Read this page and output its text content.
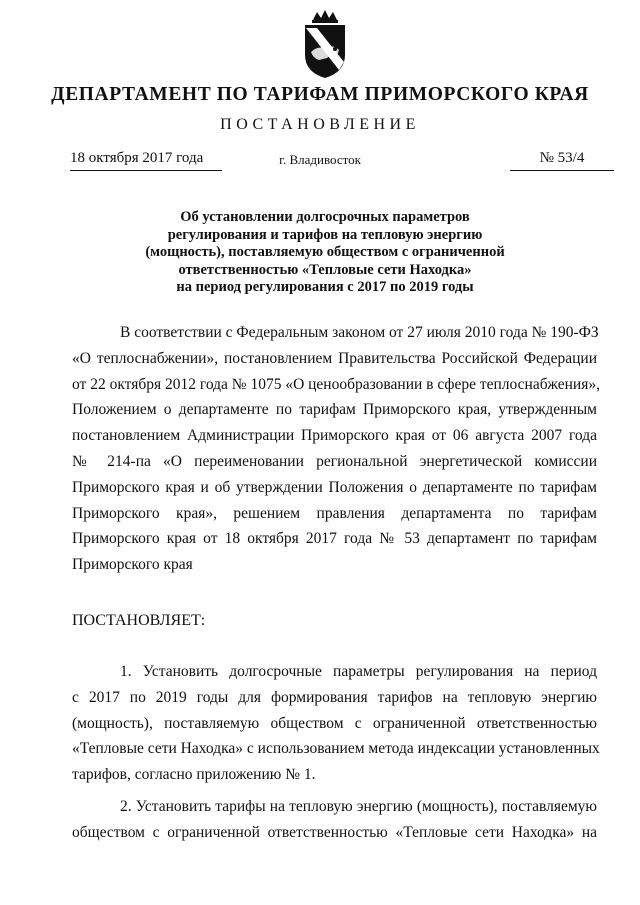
ДЕПАРТАМЕНТ ПО ТАРИФАМ ПРИМОРСКОГО КРАЯ
ПОСТАНОВЛЕНИЕ
18 октября 2017 года	г. Владивосток	№ 53/4
Об установлении долгосрочных параметров
регулирования и тарифов на тепловую энергию
(мощность), поставляемую обществом с ограниченной
ответственностью «Тепловые сети Находка»
на период регулирования с 2017 по 2019 годы
В соответствии с Федеральным законом от 27 июля 2010 года № 190-ФЗ
«О теплоснабжении», постановлением Правительства Российской Федерации
от 22 октября 2012 года № 1075 «О ценообразовании в сфере теплоснабжения»,
Положением о департаменте по тарифам Приморского края, утвержденным
постановлением Администрации Приморского края от 06 августа 2007 года
№ 214-па «О переименовании региональной энергетической комиссии
Приморского края и об утверждении Положения о департаменте по тарифам
Приморского края», решением правления департамента по тарифам
Приморского края от 18 октября 2017 года № 53 департамент по тарифам
Приморского края
ПОСТАНОВЛЯЕТ:
1. Установить долгосрочные параметры регулирования на период
с 2017 по 2019 годы для формирования тарифов на тепловую энергию
(мощность), поставляемую обществом с ограниченной ответственностью
«Тепловые сети Находка» с использованием метода индексации установленных
тарифов, согласно приложению № 1.
2. Установить тарифы на тепловую энергию (мощность), поставляемую
обществом с ограниченной ответственностью «Тепловые сети Находка» на
